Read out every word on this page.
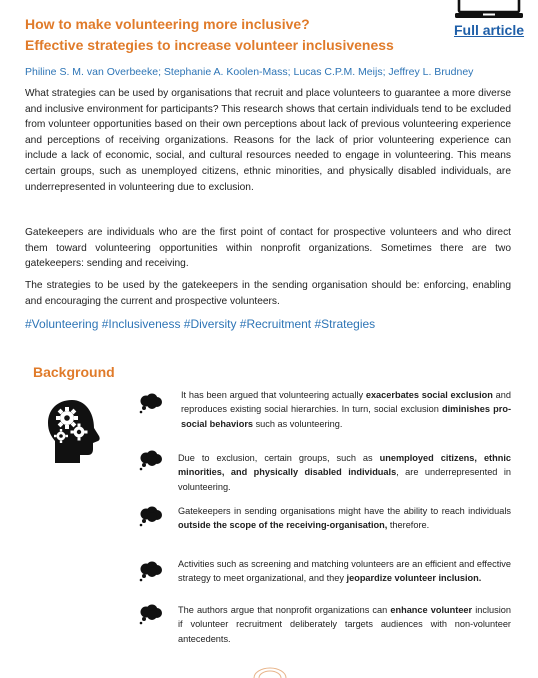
How to make volunteering more inclusive?
Effective strategies to increase volunteer inclusiveness
Full article
Philine S. M. van Overbeeke; Stephanie A. Koolen-Mass; Lucas C.P.M. Meijs; Jeffrey L. Brudney

What strategies can be used by organisations that recruit and place volunteers to guarantee a more diverse and inclusive environment for participants? This research shows that certain individuals tend to be excluded from volunteer opportunities based on their own perceptions about lack of previous volunteering experience and perceptions of receiving organizations. Reasons for the lack of prior volunteering experience can include a lack of economic, social, and cultural resources needed to engage in volunteering. This means certain groups, such as unemployed citizens, ethnic minorities, and physically disabled individuals, are underrepresented in volunteering due to exclusion.

Gatekeepers are individuals who are the first point of contact for prospective volunteers and who direct them toward volunteering opportunities within nonprofit organizations. Sometimes there are two gatekeepers: sending and receiving.

The strategies to be used by the gatekeepers in the sending organisation should be: enforcing, enabling and encouraging the current and prospective volunteers.

#Volunteering #Inclusiveness #Diversity #Recruitment #Strategies
Background

It has been argued that volunteering actually exacerbates social exclusion and reproduces existing social hierarchies. In turn, social exclusion diminishes pro-social behaviors such as volunteering.

Due to exclusion, certain groups, such as unemployed citizens, ethnic minorities, and physically disabled individuals, are underrepresented in volunteering.

Gatekeepers in sending organisations might have the ability to reach individuals outside the scope of the receiving-organisation, therefore.

Activities such as screening and matching volunteers are an efficient and effective strategy to meet organizational, and they jeopardize volunteer inclusion.

The authors argue that nonprofit organizations can enhance volunteer inclusion if volunteer recruitment deliberately targets audiences with non-volunteer antecedents.
